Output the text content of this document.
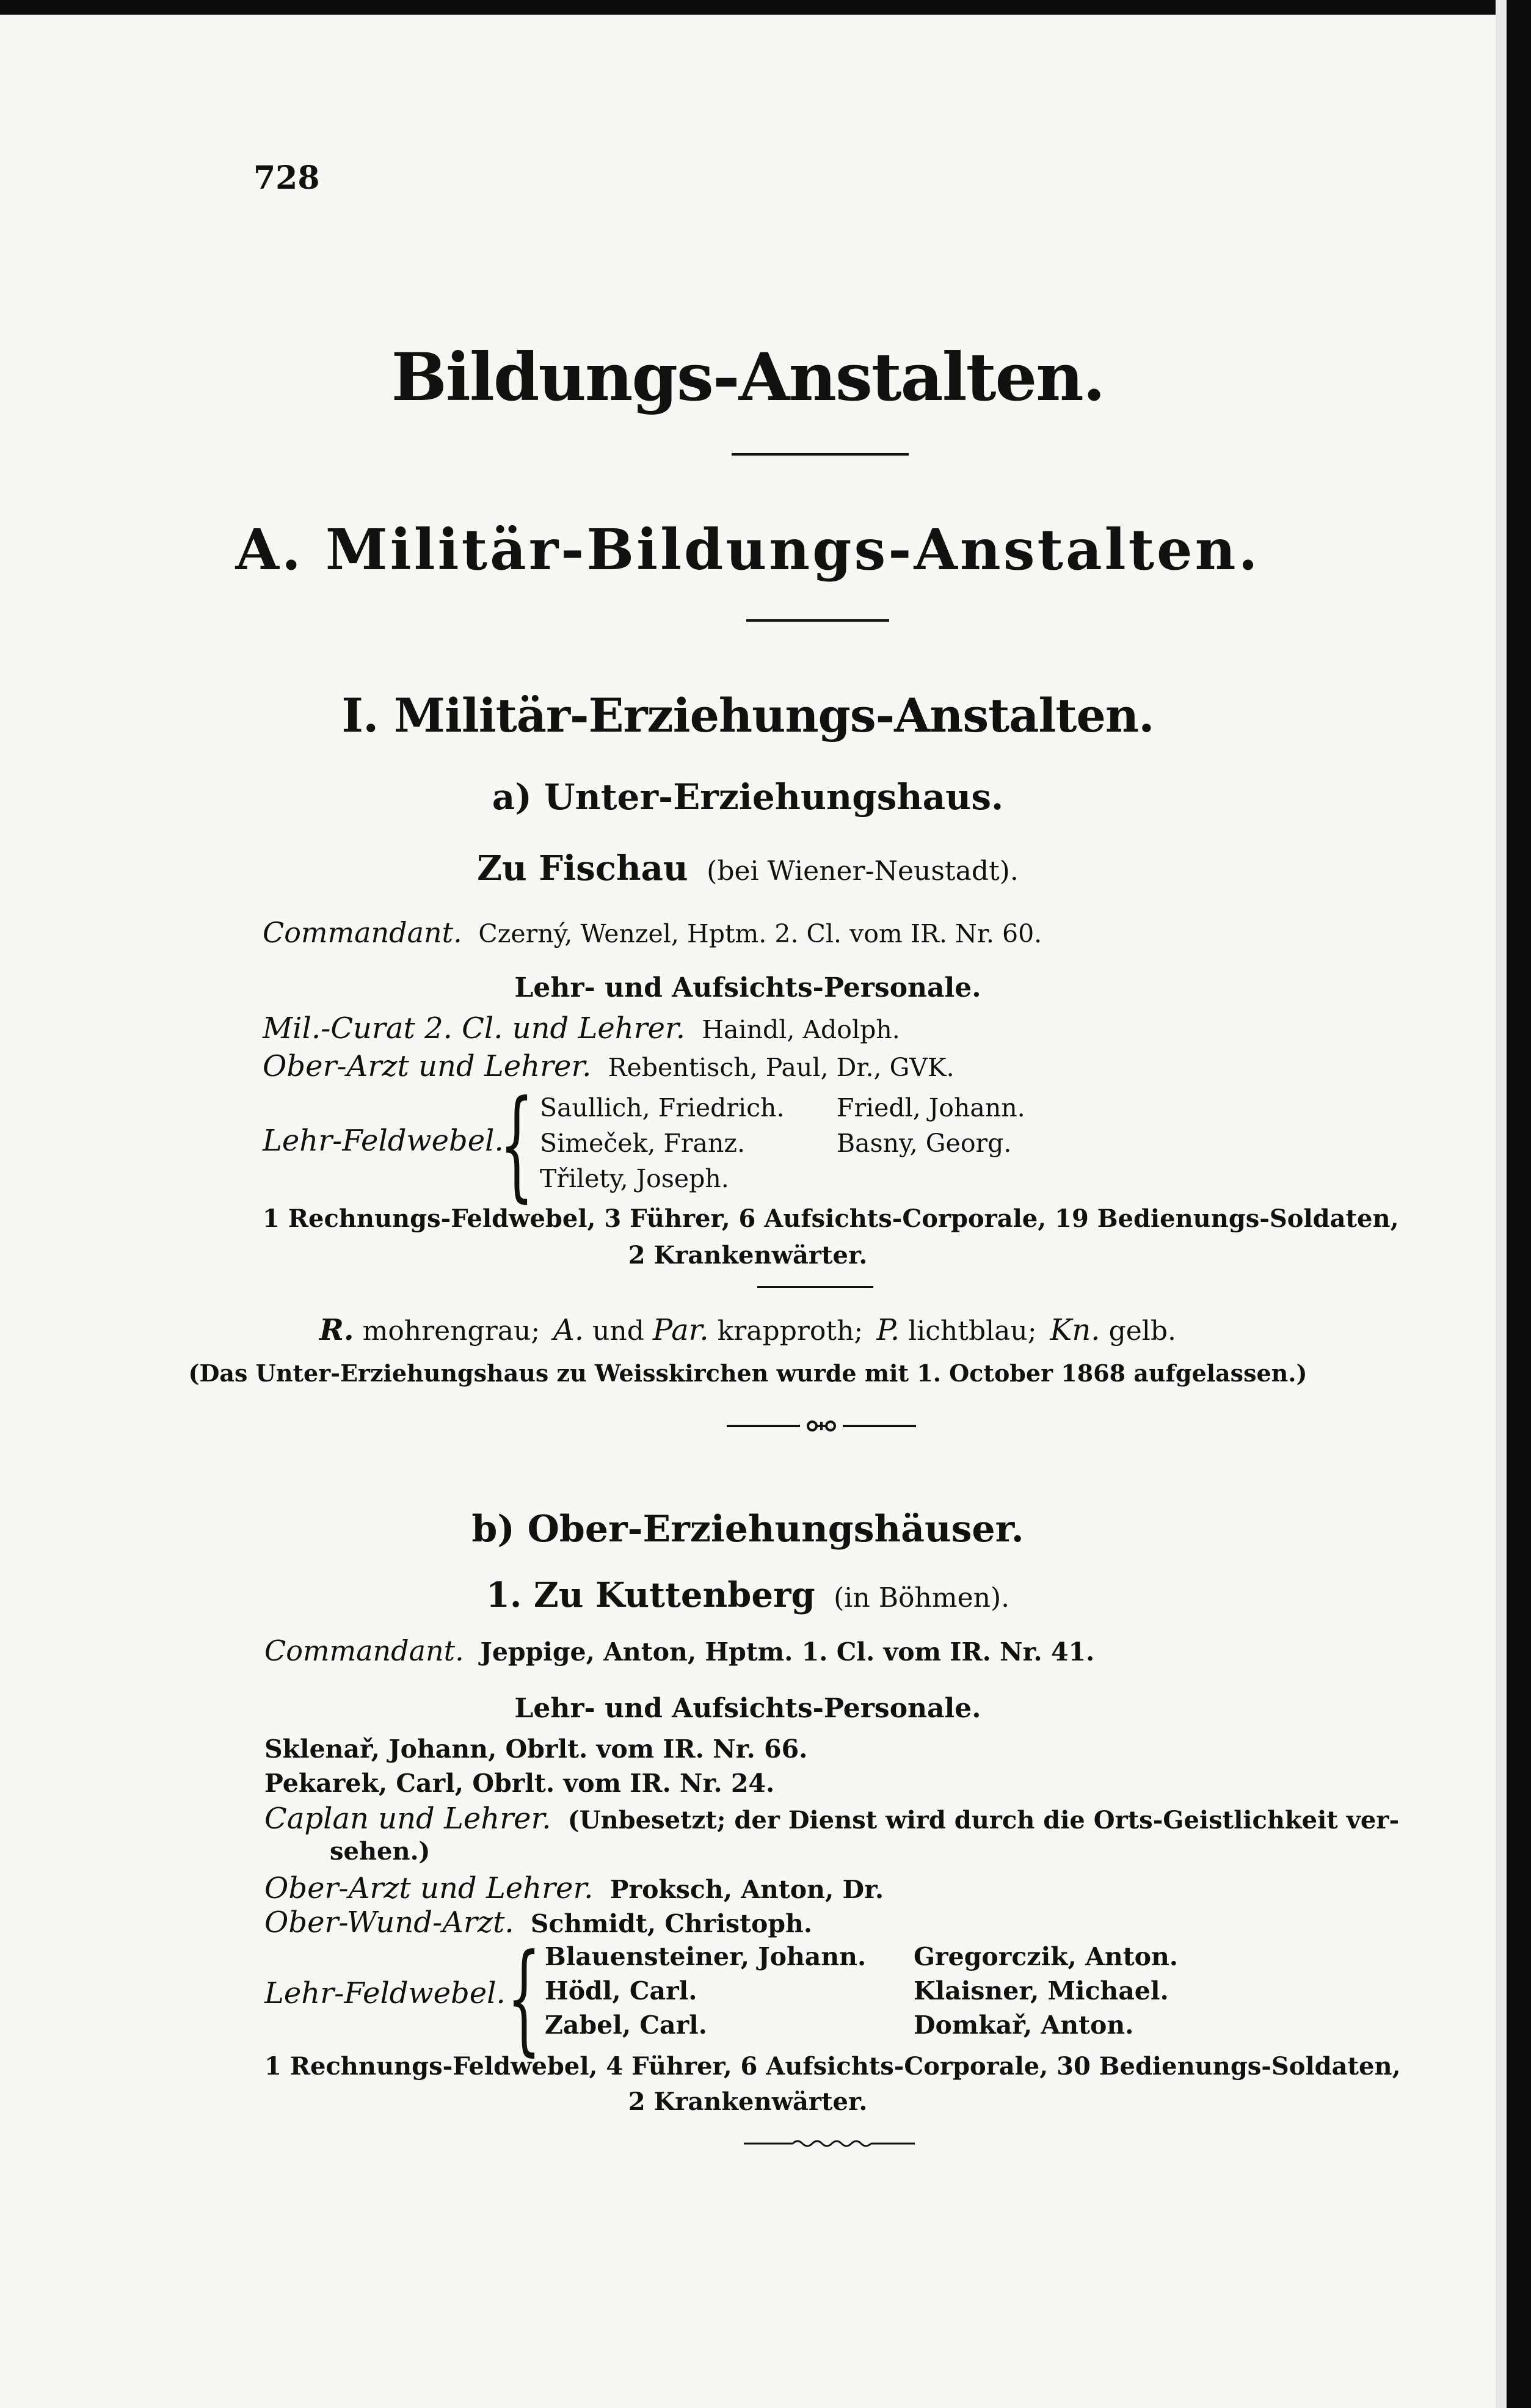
728
Bildungs-Anstalten.
A. Militär-Bildungs-Anstalten.
I. Militär-Erziehungs-Anstalten.
a) Unter-Erziehungshaus.
Zu Fischau (bei Wiener-Neustadt).
Commandant. Czerný, Wenzel, Hptm. 2. Cl. vom IR. Nr. 60.
Lehr- und Aufsichts-Personale.
Mil.-Curat 2. Cl. und Lehrer. Haindl, Adolph.
Ober-Arzt und Lehrer. Rebentisch, Paul, Dr., GVK.
Lehr-Feldwebel.
{ Saullich, Friedrich.
Simeček, Franz.
Třilety, Joseph.
Friedl, Johann.
Basny, Georg.
1 Rechnungs-Feldwebel, 3 Führer, 6 Aufsichts-Corporale, 19 Bedienungs-Soldaten,
2 Krankenwärter.
R. mohrengrau; A. und Par. krapproth; P. lichtblau; Kn. gelb.
(Das Unter-Erziehungshaus zu Weisskirchen wurde mit 1. October 1868 aufgelassen.)
b) Ober-Erziehungshäuser.
1. Zu Kuttenberg (in Böhmen).
Commandant. Jeppige, Anton, Hptm. 1. Cl. vom IR. Nr. 41.
Lehr- und Aufsichts-Personale.
Sklenař, Johann, Obrlt. vom IR. Nr. 66.
Pekarek, Carl, Obrlt. vom IR. Nr. 24.
Caplan und Lehrer. (Unbesetzt; der Dienst wird durch die Orts-Geistlichkeit ver-
sehen.)
Ober-Arzt und Lehrer. Proksch, Anton, Dr.
Ober-Wund-Arzt. Schmidt, Christoph.
Lehr-Feldwebel. { Blauensteiner, Johann.
Hödl, Carl.
Zabel, Carl.
Gregorczik, Anton.
Klaisner, Michael.
Domkař, Anton.
1 Rechnungs-Feldwebel, 4 Führer, 6 Aufsichts-Corporale, 30 Bedienungs-Soldaten,
2 Krankenwärter.
